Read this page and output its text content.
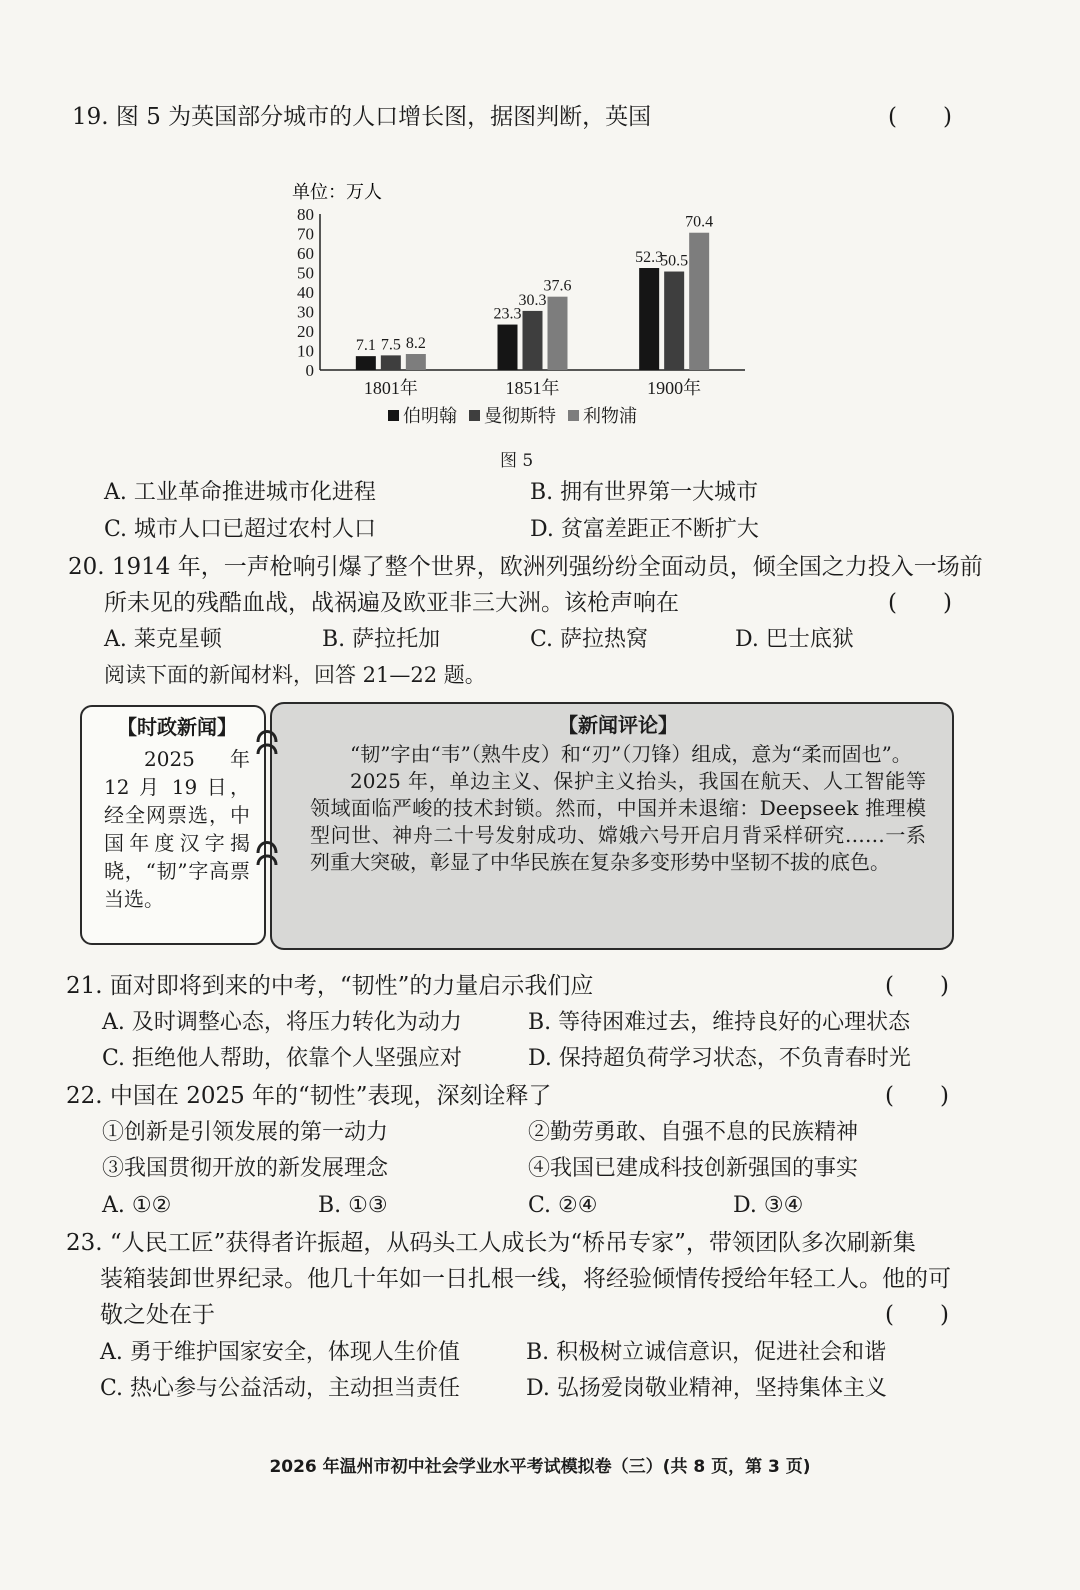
19. 图 5 为英国部分城市的人口增长图，据图判断，英国	(　　)
单位：万人
0
10
20
30
40
50
60
70
80
7.1 7.5 8.2
23.3
30.3
37.6
52.3
50.5
70.4
1801年	1851年	1900年
伯明翰 曼彻斯特 利物浦
图 5
A. 工业革命推进城市化进程	B. 拥有世界第一大城市
C. 城市人口已超过农村人口	D. 贫富差距正不断扩大
20. 1914 年，一声枪响引爆了整个世界，欧洲列强纷纷全面动员，倾全国之力投入一场前
所未见的残酷血战，战祸遍及欧亚非三大洲。该枪声响在	(　　)
A. 莱克星顿	B. 萨拉托加	C. 萨拉热窝	D. 巴士底狱
阅读下面的新闻材料，回答 21—22 题。
【时政新闻】
2025 年 12 月 19 日，经全网票选，中国年度汉字揭晓，“韧”字高票当选。
【新闻评论】

“韧”字由“韦”（熟牛皮）和“刃”（刀锋）组成，意为“柔而固也”。

2025 年，单边主义、保护主义抬头，我国在航天、人工智能等领域面临严峻的技术封锁。然而，中国并未退缩：Deepseek 推理模型问世、神舟二十号发射成功、嫦娥六号开启月背采样研究……一系列重大突破，彰显了中华民族在复杂多变形势中坚韧不拔的底色。

21. 面对即将到来的中考，“韧性”的力量启示我们应	(　　)
A. 及时调整心态，将压力转化为动力	B. 等待困难过去，维持良好的心理状态
C. 拒绝他人帮助，依靠个人坚强应对	D. 保持超负荷学习状态，不负青春时光
22. 中国在 2025 年的“韧性”表现，深刻诠释了	(　　)
①创新是引领发展的第一动力	②勤劳勇敢、自强不息的民族精神
③我国贯彻开放的新发展理念	④我国已建成科技创新强国的事实
A. ①②	B. ①③	C. ②④	D. ③④
23. “人民工匠”获得者许振超，从码头工人成长为“桥吊专家”，带领团队多次刷新集
装箱装卸世界纪录。他几十年如一日扎根一线，将经验倾情传授给年轻工人。他的可
敬之处在于	(　　)
A. 勇于维护国家安全，体现人生价值	B. 积极树立诚信意识，促进社会和谐
C. 热心参与公益活动，主动担当责任	D. 弘扬爱岗敬业精神，坚持集体主义
2026 年温州市初中社会学业水平考试模拟卷（三）(共 8 页，第 3 页)
